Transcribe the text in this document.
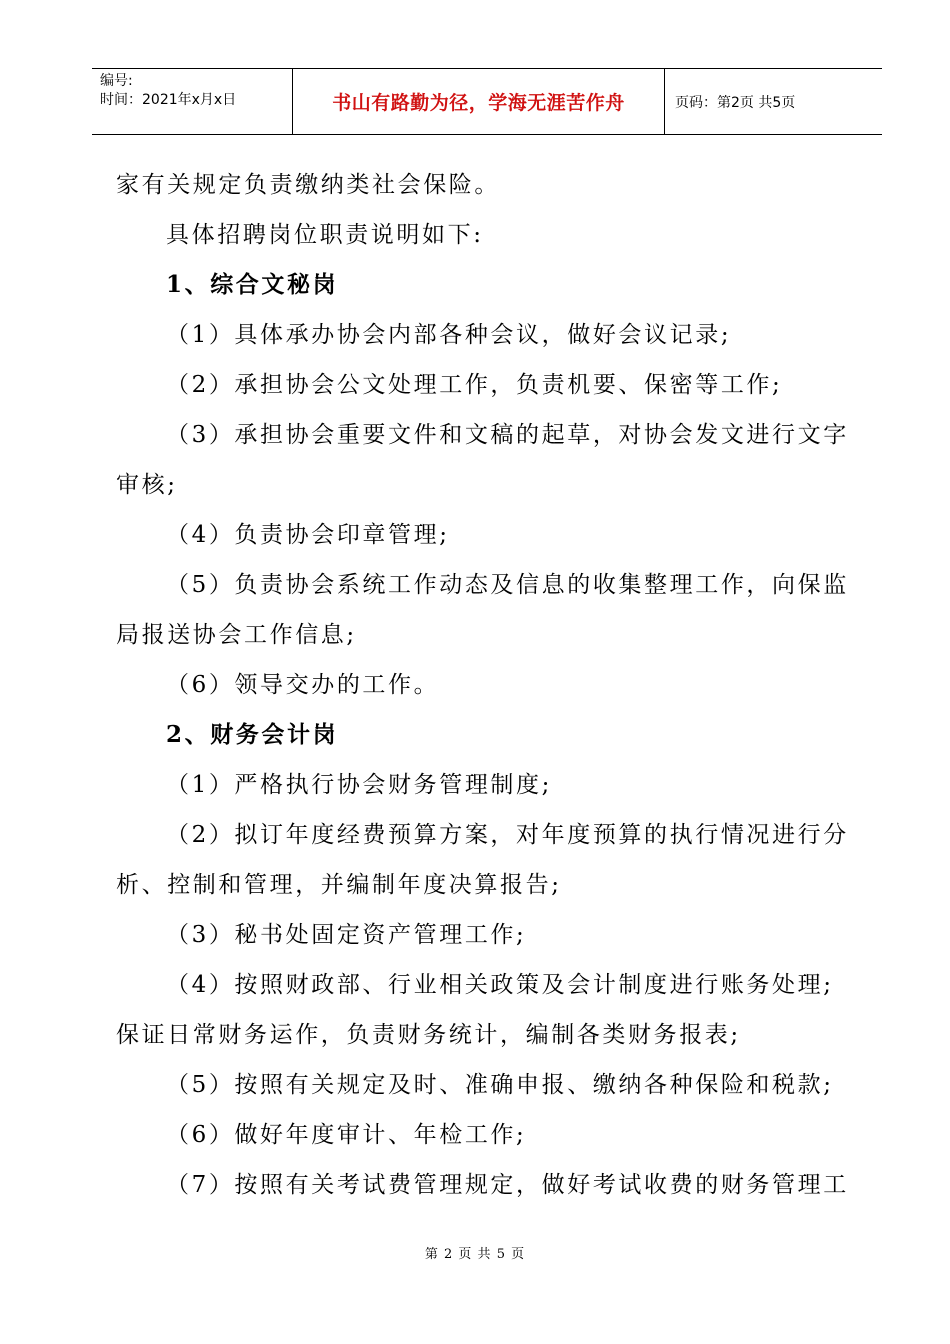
编号:
时间：2021年x月x日	书山有路勤为径，学海无涯苦作舟	页码：第2页 共5页
家有关规定负责缴纳类社会保险。
具体招聘岗位职责说明如下:
1、综合文秘岗
（1）具体承办协会内部各种会议，做好会议记录;
（2）承担协会公文处理工作，负责机要、保密等工作;
（3）承担协会重要文件和文稿的起草，对协会发文进行文字
审核;
（4）负责协会印章管理;
（5）负责协会系统工作动态及信息的收集整理工作，向保监
局报送协会工作信息;
（6）领导交办的工作。
2、财务会计岗
（1）严格执行协会财务管理制度;
（2）拟订年度经费预算方案，对年度预算的执行情况进行分
析、控制和管理，并编制年度决算报告;
（3）秘书处固定资产管理工作;
（4）按照财政部、行业相关政策及会计制度进行账务处理;
保证日常财务运作，负责财务统计，编制各类财务报表;
（5）按照有关规定及时、准确申报、缴纳各种保险和税款;
（6）做好年度审计、年检工作;
（7）按照有关考试费管理规定，做好考试收费的财务管理工
第 2 页 共 5 页
